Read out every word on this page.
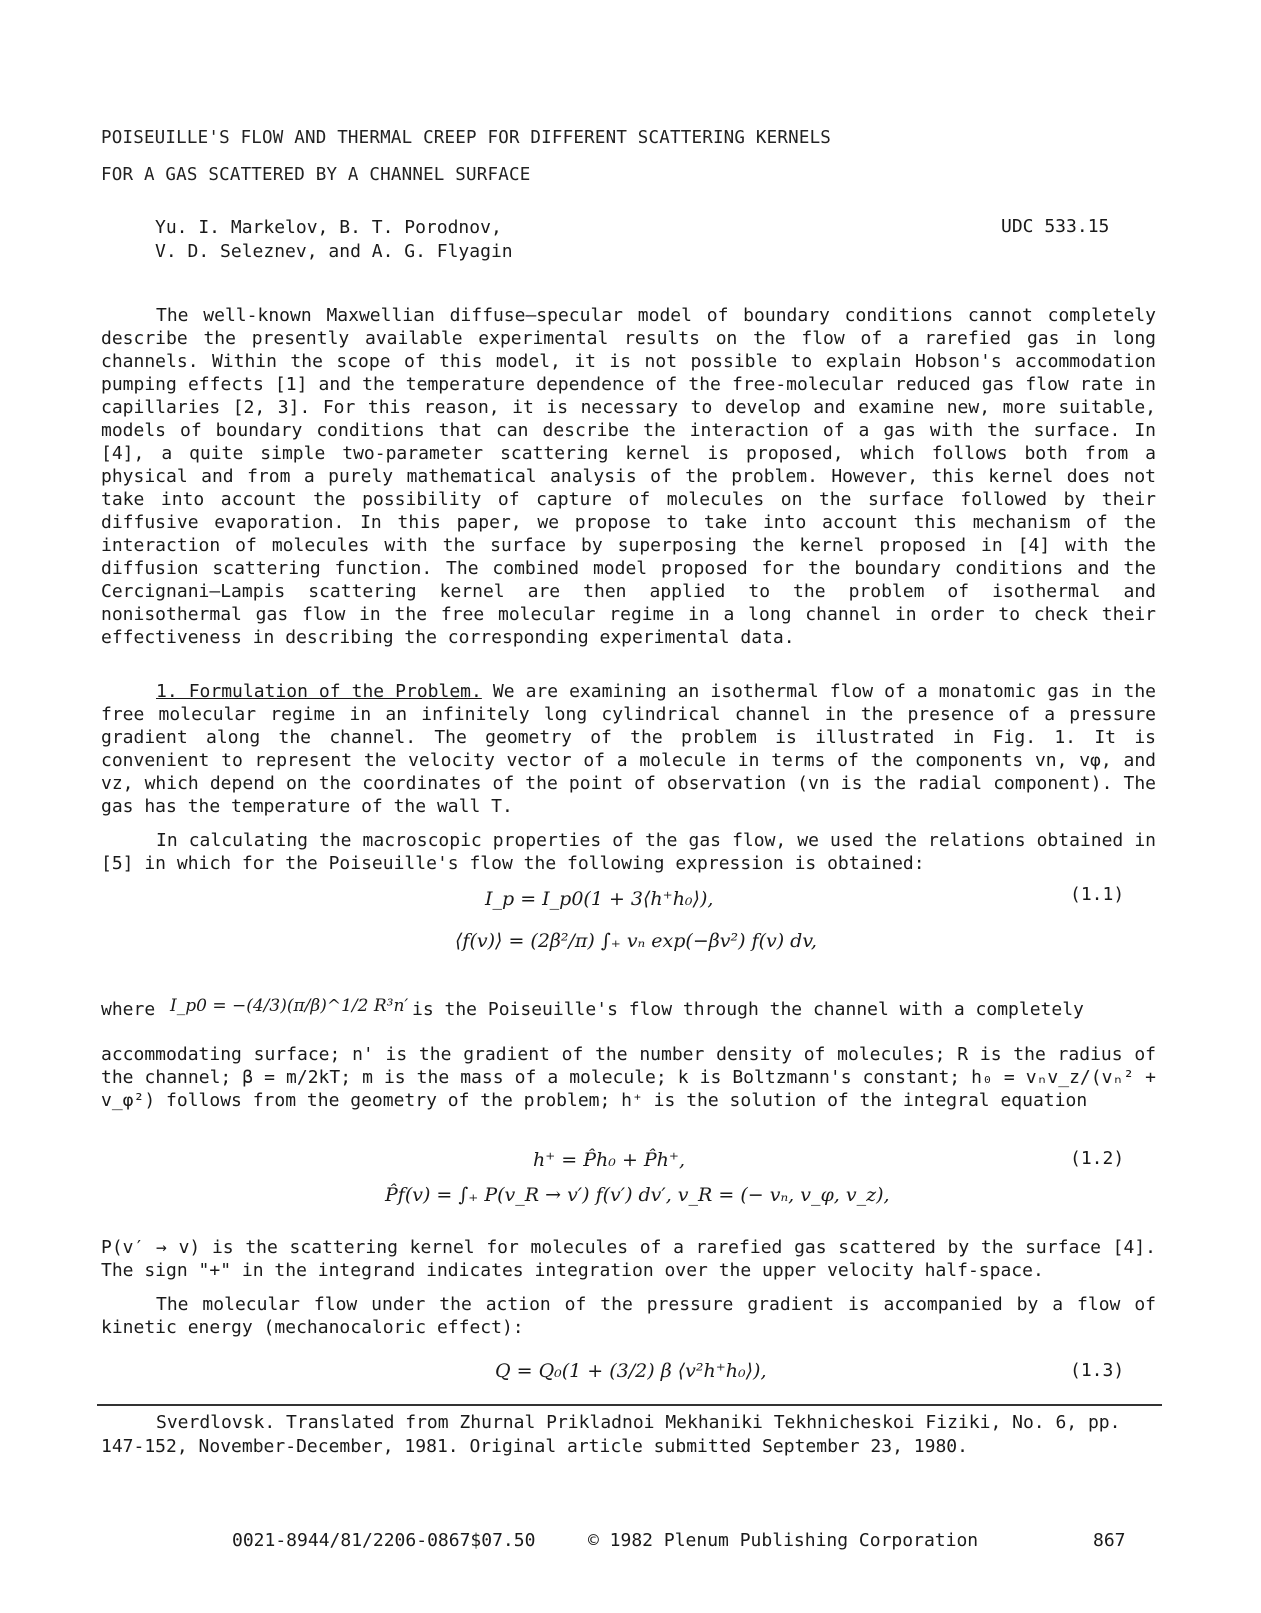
POISEUILLE'S FLOW AND THERMAL CREEP FOR DIFFERENT SCATTERING KERNELS
FOR A GAS SCATTERED BY A CHANNEL SURFACE
Yu. I. Markelov, B. T. Porodnov,
V. D. Seleznev, and A. G. Flyagin
UDC 533.15

The well-known Maxwellian diffuse—specular model of boundary conditions cannot completely describe the presently available experimental results on the flow of a rarefied gas in long channels. Within the scope of this model, it is not possible to explain Hobson's accommodation pumping effects [1] and the temperature dependence of the free-molecular reduced gas flow rate in capillaries [2, 3]. For this reason, it is necessary to develop and examine new, more suitable, models of boundary conditions that can describe the interaction of a gas with the surface. In [4], a quite simple two-parameter scattering kernel is proposed, which follows both from a physical and from a purely mathematical analysis of the problem. However, this kernel does not take into account the possibility of capture of molecules on the surface followed by their diffusive evaporation. In this paper, we propose to take into account this mechanism of the interaction of molecules with the surface by superposing the kernel proposed in [4] with the diffusion scattering function. The combined model proposed for the boundary conditions and the Cercignani—Lampis scattering kernel are then applied to the problem of isothermal and nonisothermal gas flow in the free molecular regime in a long channel in order to check their effectiveness in describing the corresponding experimental data.

1. Formulation of the Problem. We are examining an isothermal flow of a monatomic gas in the free molecular regime in an infinitely long cylindrical channel in the presence of a pressure gradient along the channel. The geometry of the problem is illustrated in Fig. 1. It is convenient to represent the velocity vector of a molecule in terms of the components vn, vφ, and vz, which depend on the coordinates of the point of observation (vn is the radial component). The gas has the temperature of the wall T.

In calculating the macroscopic properties of the gas flow, we used the relations obtained in [5] in which for the Poiseuille's flow the following expression is obtained:

I_p = I_p0(1 + 3⟨h⁺h₀⟩),
⟨f(v)⟩ = (2β²/π) ∫₊ vₙ exp(−βv²) f(v) dv,
(1.1)
where I_p0 = −(4/3)(π/β)^1/2 R³n′ is the Poiseuille's flow through the channel with a completely

accommodating surface; n' is the gradient of the number density of molecules; R is the radius of the channel; β = m/2kT; m is the mass of a molecule; k is Boltzmann's constant; h₀ = vₙv_z/(vₙ² + v_φ²) follows from the geometry of the problem; h⁺ is the solution of the integral equation

h⁺ = P̂h₀ + P̂h⁺,
P̂f(v) = ∫₊ P(v_R → v′) f(v′) dv′, v_R = (− vₙ, v_φ, v_z),
(1.2)

P(v′ → v) is the scattering kernel for molecules of a rarefied gas scattered by the surface [4]. The sign "+" in the integrand indicates integration over the upper velocity half-space.

The molecular flow under the action of the pressure gradient is accompanied by a flow of kinetic energy (mechanocaloric effect):

Q = Q₀(1 + (3/2) β ⟨v²h⁺h₀⟩),	(1.3)

Sverdlovsk. Translated from Zhurnal Prikladnoi Mekhaniki Tekhnicheskoi Fiziki, No. 6, pp. 147-152, November-December, 1981. Original article submitted September 23, 1980.

0021-8944/81/2206-0867$07.50	© 1982 Plenum Publishing Corporation	867
